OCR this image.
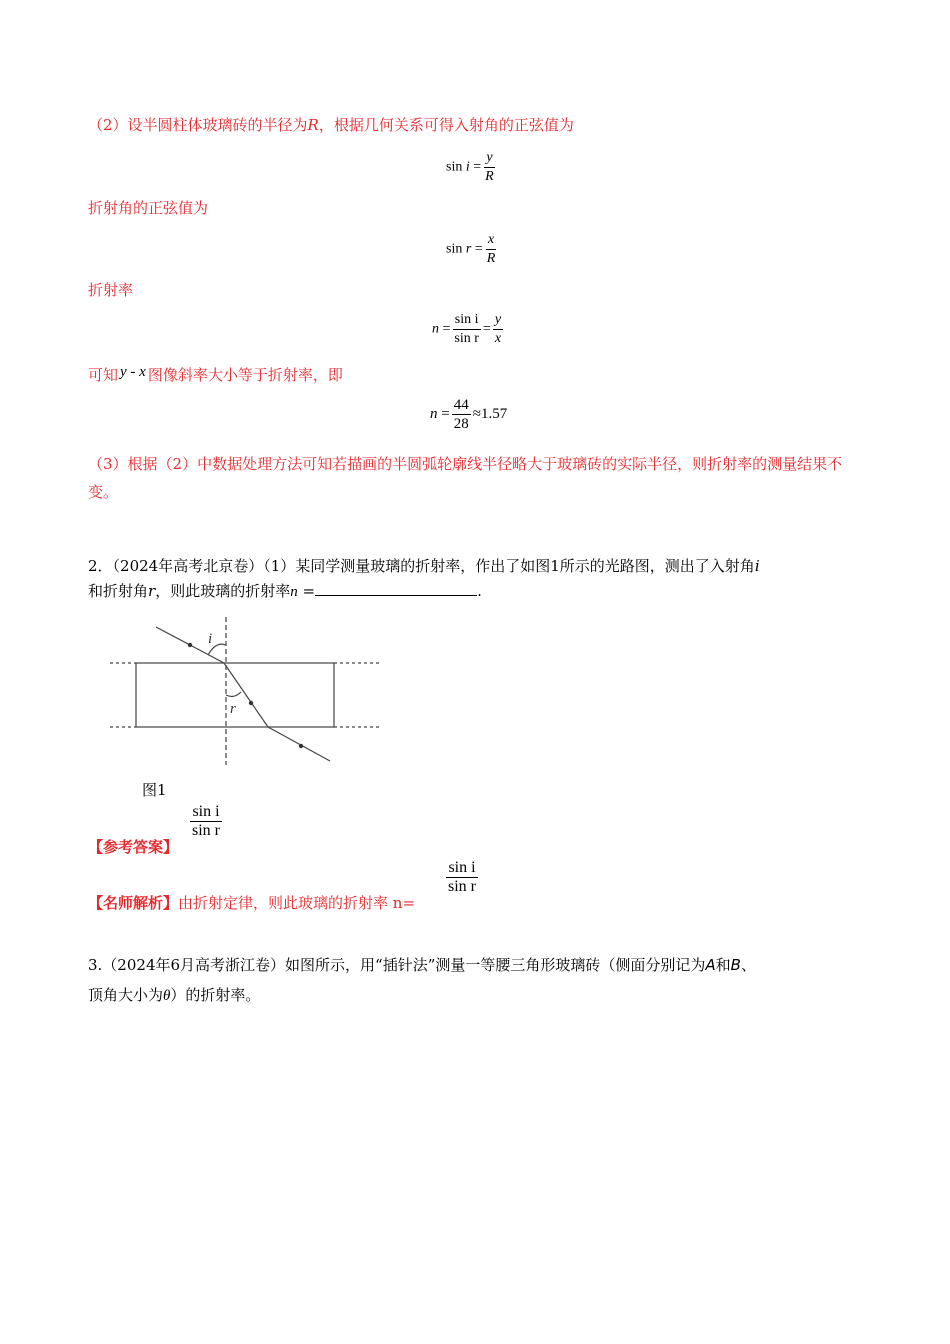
（2）设半圆柱体玻璃砖的半径为R，根据几何关系可得入射角的正弦值为
$\sin i = \frac{y}{R}$
折射角的正弦值为
$\sin r = \frac{x}{R}$
折射率
$n = \frac{\text{sin i}}{\text{sin r}} = \frac{y}{x}$
可知 y - x 图像斜率大小等于折射率，即
$n = \frac{44}{28} \approx 1.57$
（3）根据（2）中数据处理方法可知若描画的半圆弧轮廓线半径略大于玻璃砖的实际半径，则折射率的测量结果不变。
2．（2024年高考北京卷）（1）某同学测量玻璃的折射率，作出了如图1所示的光路图，测出了入射角i
和折射角r，则此玻璃的折射率n =	.
i
r
图1
【参考答案】
$\frac{\text{sin i}}{\text{sin r}}$
【名师解析】由折射定律，则此玻璃的折射率 n=
$\frac{\text{sin i}}{\text{sin r}}$
3.（2024年6月高考浙江卷）如图所示，用“插针法”测量一等腰三角形玻璃砖（侧面分别记为A和B、
顶角大小为θ）的折射率。
